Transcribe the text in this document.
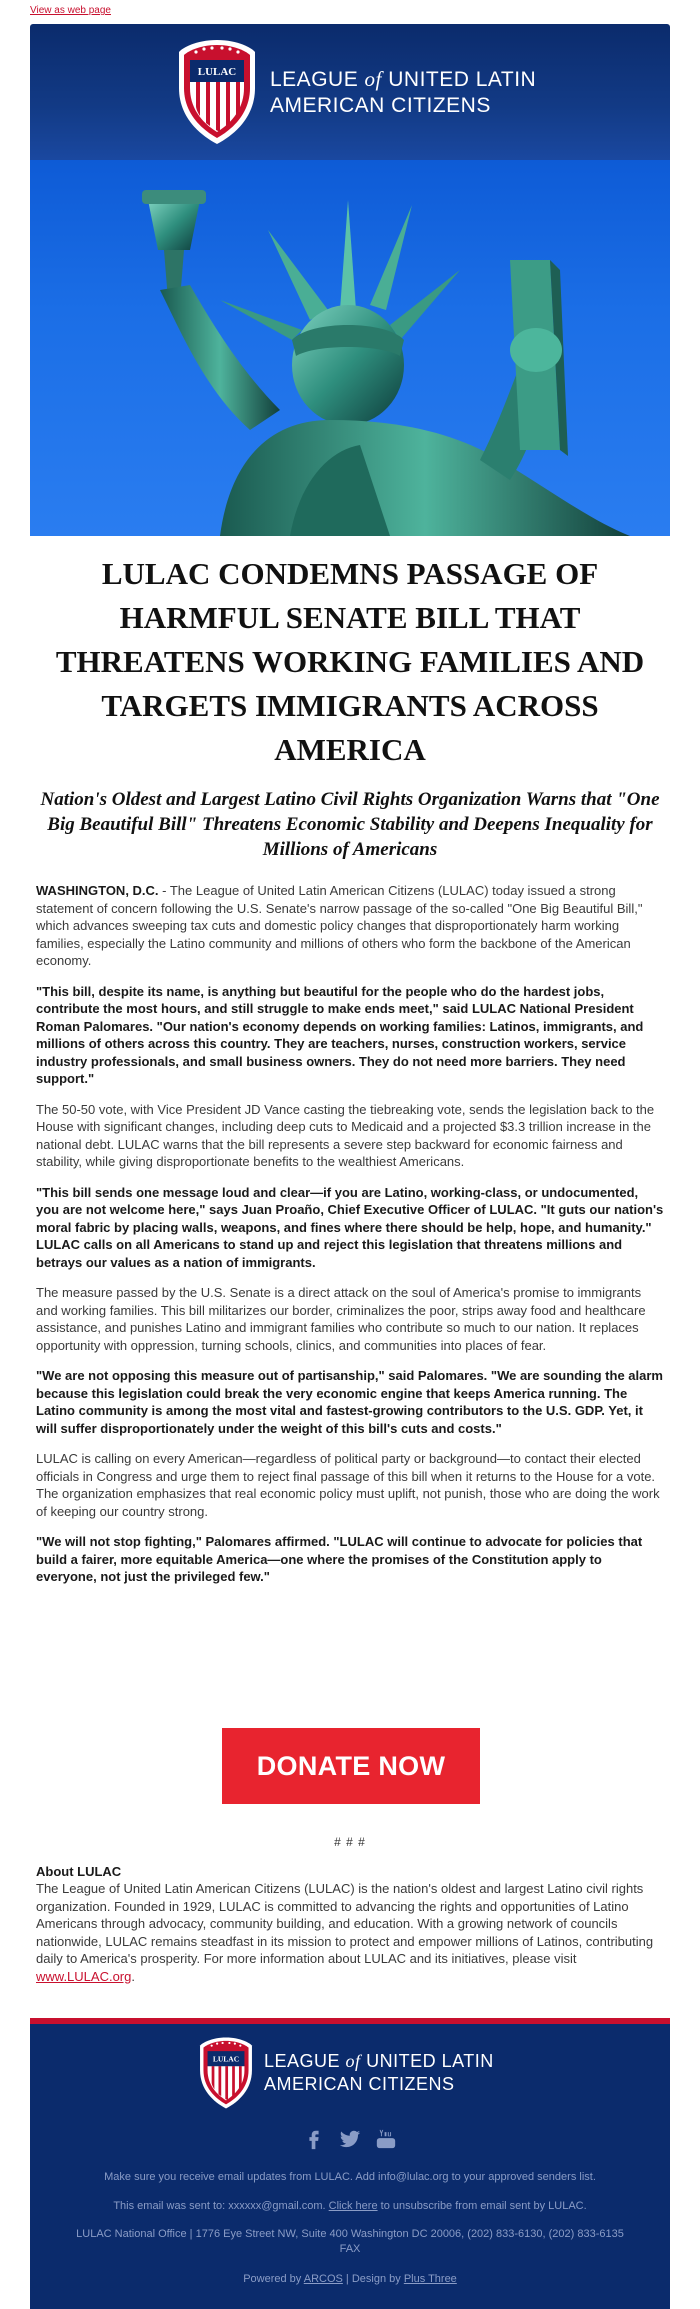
View as web page
LULAC LEAGUE of UNITED LATIN
AMERICAN CITIZENS
LULAC CONDEMNS PASSAGE OF HARMFUL SENATE BILL THAT THREATENS WORKING FAMILIES AND TARGETS IMMIGRANTS ACROSS AMERICA
Nation's Oldest and Largest Latino Civil Rights Organization Warns that "One Big Beautiful Bill" Threatens Economic Stability and Deepens Inequality for Millions of Americans

WASHINGTON, D.C. - The League of United Latin American Citizens (LULAC) today issued a strong statement of concern following the U.S. Senate's narrow passage of the so-called "One Big Beautiful Bill," which advances sweeping tax cuts and domestic policy changes that disproportionately harm working families, especially the Latino community and millions of others who form the backbone of the American economy.

"This bill, despite its name, is anything but beautiful for the people who do the hardest jobs, contribute the most hours, and still struggle to make ends meet," said LULAC National President Roman Palomares. "Our nation's economy depends on working families: Latinos, immigrants, and millions of others across this country. They are teachers, nurses, construction workers, service industry professionals, and small business owners. They do not need more barriers. They need support."

The 50-50 vote, with Vice President JD Vance casting the tiebreaking vote, sends the legislation back to the House with significant changes, including deep cuts to Medicaid and a projected $3.3 trillion increase in the national debt. LULAC warns that the bill represents a severe step backward for economic fairness and stability, while giving disproportionate benefits to the wealthiest Americans.

"This bill sends one message loud and clear—if you are Latino, working-class, or undocumented, you are not welcome here," says Juan Proaño, Chief Executive Officer of LULAC. "It guts our nation's moral fabric by placing walls, weapons, and fines where there should be help, hope, and humanity." LULAC calls on all Americans to stand up and reject this legislation that threatens millions and betrays our values as a nation of immigrants.

The measure passed by the U.S. Senate is a direct attack on the soul of America's promise to immigrants and working families. This bill militarizes our border, criminalizes the poor, strips away food and healthcare assistance, and punishes Latino and immigrant families who contribute so much to our nation. It replaces opportunity with oppression, turning schools, clinics, and communities into places of fear.

"We are not opposing this measure out of partisanship," said Palomares. "We are sounding the alarm because this legislation could break the very economic engine that keeps America running. The Latino community is among the most vital and fastest-growing contributors to the U.S. GDP. Yet, it will suffer disproportionately under the weight of this bill's cuts and costs."

LULAC is calling on every American—regardless of political party or background—to contact their elected officials in Congress and urge them to reject final passage of this bill when it returns to the House for a vote. The organization emphasizes that real economic policy must uplift, not punish, those who are doing the work of keeping our country strong.

"We will not stop fighting," Palomares affirmed. "LULAC will continue to advocate for policies that build a fairer, more equitable America—one where the promises of the Constitution apply to everyone, not just the privileged few."

DONATE NOW
# # #
About LULAC

The League of United Latin American Citizens (LULAC) is the nation's oldest and largest Latino civil rights organization. Founded in 1929, LULAC is committed to advancing the rights and opportunities of Latino Americans through advocacy, community building, and education. With a growing network of councils nationwide, LULAC remains steadfast in its mission to protect and empower millions of Latinos, contributing daily to America's prosperity. For more information about LULAC and its initiatives, please visit www.LULAC.org.

LULAC LEAGUE of UNITED LATIN
AMERICAN CITIZENS
Make sure you receive email updates from LULAC. Add info@lulac.org to your approved senders list.
This email was sent to: xxxxxx@gmail.com. Click here to unsubscribe from email sent by LULAC.
LULAC National Office | 1776 Eye Street NW, Suite 400 Washington DC 20006, (202) 833-6130, (202) 833-6135 FAX
Powered by ARCOS | Design by Plus Three
